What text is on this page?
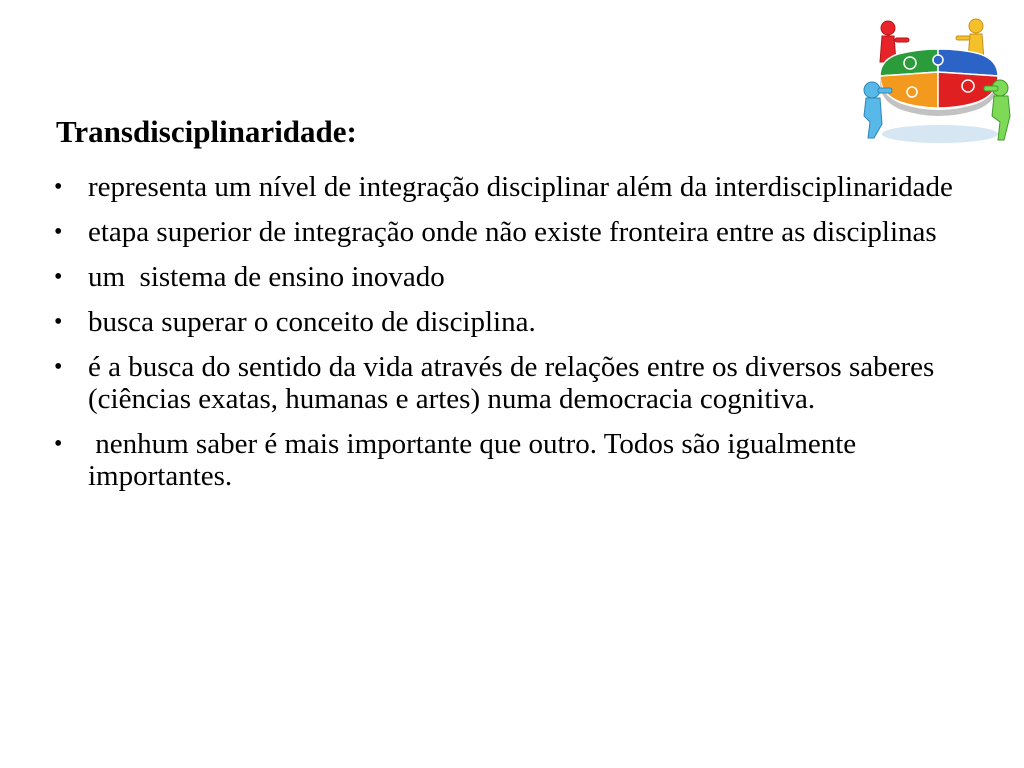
Transdisciplinaridade:
• representa um nível de integração disciplinar além da interdisciplinaridade
• etapa superior de integração onde não existe fronteira entre as disciplinas
• um  sistema de ensino inovado
• busca superar o conceito de disciplina.
• é a busca do sentido da vida através de relações entre os diversos saberes (ciências exatas, humanas e artes) numa democracia cognitiva.
• nenhum saber é mais importante que outro. Todos são igualmente importantes.
